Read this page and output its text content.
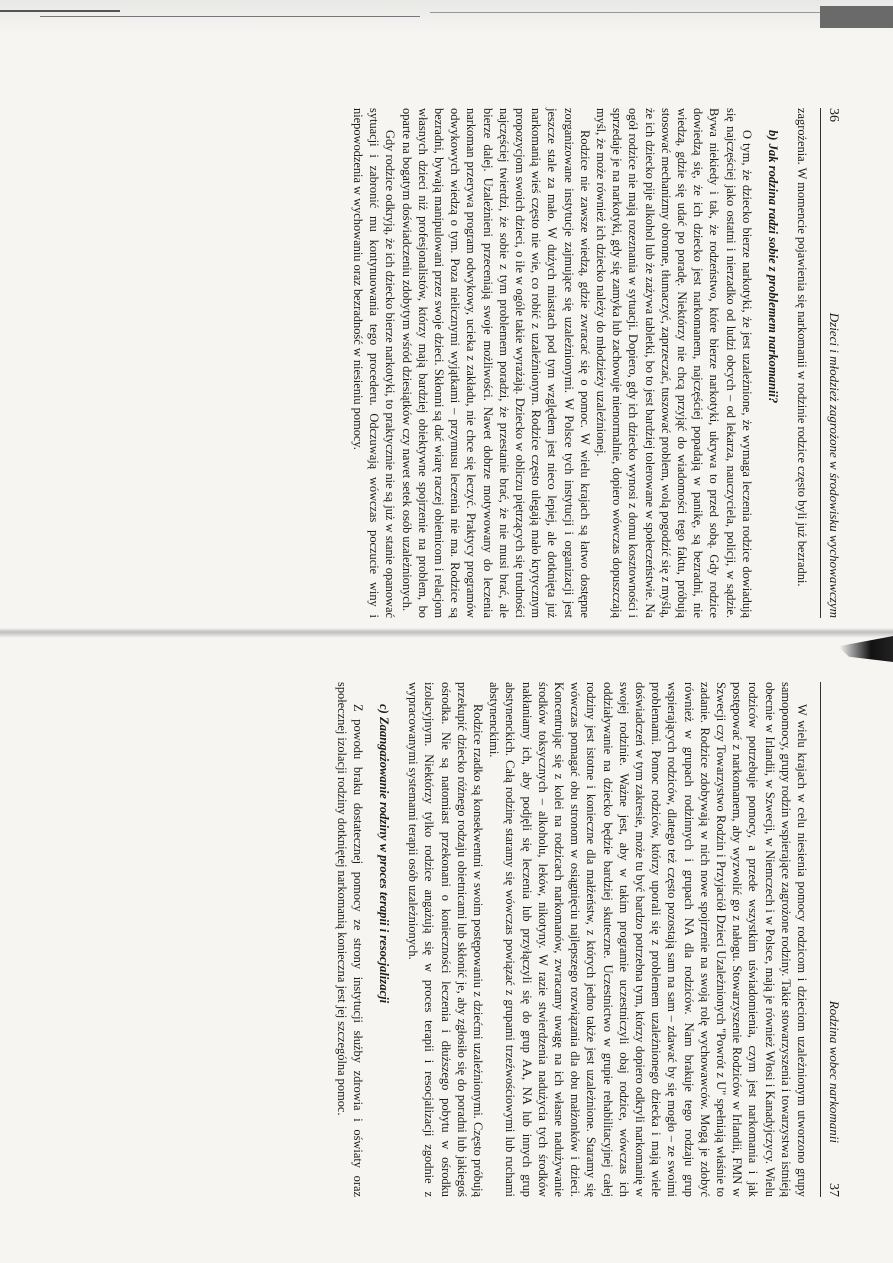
36
Dzieci i młodzież zagrożone w środowisku wychowawczym

zagrożenia. W momencie pojawienia się narkomanii w rodzinie rodzice często byli już bezradni.

b) Jak rodzina radzi sobie z problemem narkomanii?

O tym, że dziecko bierze narkotyki, że jest uzależnione, że wymaga leczenia rodzice dowiadują się najczęściej jako ostatni i nierzadko od ludzi obcych – od lekarza, nauczyciela, policji, w sądzie. Bywa niekiedy i tak, że rodzeństwo, które bierze narkotyki, ukrywa to przed sobą. Gdy rodzice dowiedzą się, że ich dziecko jest narkomanem, najczęściej popadają w panikę, są bezradni, nie wiedzą, gdzie się udać po poradę. Niektórzy nie chcą przyjąć do wiadomości tego faktu, próbują stosować mechanizmy obronne, tłumaczyć, zaprzeczać, tuszować problem, wolą pogodzić się z myślą, że ich dziecko pije alkohol lub że zażywa tabletki, bo to jest bardziej tolerowane w społeczeństwie. Na ogół rodzice nie mają rozeznania w sytuacji. Dopiero, gdy ich dziecko wynosi z domu kosztowności i sprzedaje je na narkotyki, gdy się zamyka lub zachowuje nienormalnie, dopiero wówczas dopuszczają myśl, że może również ich dziecko należy do młodzieży uzależnionej.

Rodzice nie zawsze wiedzą, gdzie zwracać się o pomoc. W wielu krajach są łatwo dostępne zorganizowane instytucje zajmujące się uzależnionymi. W Polsce tych instytucji i organizacji jest jeszcze stale za mało. W dużych miastach pod tym względem jest nieco lepiej, ale dotknięta już narkomanią wieś często nie wie, co robić z uzależnionym. Rodzice często ulegają mało krytycznym propozycjom swoich dzieci, o ile w ogóle takie wyrażają. Dziecko w obliczu piętrzących się trudności najczęściej twierdzi, że sobie z tym problemem poradzi, że przestanie brać, że nie musi brać, ale bierze dalej. Uzależnieni przeceniają swoje możliwości. Nawet dobrze motywowany do leczenia narkoman przerywa program odwykowy, ucieka z zakładu, nie chce się leczyć. Praktycy programów odwykowych wiedzą o tym. Poza nielicznymi wyjątkami – przymusu leczenia nie ma. Rodzice są bezradni, bywają manipulowani przez swoje dzieci. Skłonni są dać wiarę raczej obietnicom i relacjom własnych dzieci niż profesjonalistów, którzy mają bardziej obiektywne spojrzenie na problem, bo oparte na bogatym doświadczeniu zdobytym wśród dziesiątków czy nawet setek osób uzależnionych.

Gdy rodzice odkryją, że ich dziecko bierze narkotyki, to praktycznie nie są już w stanie opanować sytuacji i zabronić mu kontynuowania tego procederu. Odczuwają wówczas poczucie winy i niepowodzenia w wychowaniu oraz bezradność w niesieniu pomocy.

Rodzina wobec narkomanii
37

W wielu krajach w celu niesienia pomocy rodzicom i dzieciom uzależnionym utworzono grupy samopomocy, grupy rodzin wspierające zagrożone rodziny. Takie stowarzyszenia i towarzystwa istnieją obecnie w Irlandii, w Szwecji, w Niemczech i w Polsce, mają je również Włosi i Kanadyjczycy. Wielu rodziców potrzebuje pomocy, a przede wszystkim uświadomienia, czym jest narkomania i jak postępować z narkomanem, aby wyzwolić go z nałogu. Stowarzyszenie Rodziców w Irlandii, FMN w Szwecji czy Towarzystwo Rodzin i Przyjaciół Dzieci Uzależnionych "Powrót z U" spełniają właśnie to zadanie. Rodzice zdobywają w nich nowe spojrzenie na swoją rolę wychowawców. Mogą je zdobyć również w grupach rodzinnych i grupach NA dla rodziców. Nam brakuje tego rodzaju grup wspierających rodziców, dlatego też często pozostają sam na sam – zdawać by się mogło – ze swoimi problemami. Pomoc rodziców, którzy uporali się z problemem uzależnionego dziecka i mają wiele doświadczeń w tym zakresie, może tu być bardzo potrzebna tym, którzy dopiero odkryli narkomanię w swojej rodzinie. Ważne jest, aby w takim programie uczestniczyli obaj rodzice, wówczas ich oddziaływanie na dziecko będzie bardziej skuteczne. Uczestnictwo w grupie rehabilitacyjnej całej rodziny jest istotne i konieczne dla małżeństw, z których jedno także jest uzależnione. Staramy się wówczas pomagać obu stronom w osiągnięciu najlepszego rozwiązania dla obu małżonków i dzieci. Koncentrując się z kolei na rodzicach narkomanów, zwracamy uwagę na ich własne nadużywanie środków toksycznych – alkoholu, leków, nikotyny. W razie stwierdzenia nadużycia tych środków nakłaniamy ich, aby podjęli się leczenia lub przyłączyli się do grup AA, NA lub innych grup abstynenckich. Całą rodzinę staramy się wówczas powiązać z grupami trzeźwościowymi lub ruchami abstynenckimi.

Rodzice rzadko są konsekwentni w swoim postępowaniu z dziećmi uzależnionymi. Często próbują przekupić dziecko różnego rodzaju obietnicami lub skłonić je, aby zgłosiło się do poradni lub jakiegoś ośrodka. Nie są natomiast przekonani o konieczności leczenia i dłuższego pobytu w ośrodku izolacyjnym. Niektórzy tylko rodzice angażują się w proces terapii i resocjalizacji zgodnie z wypracowanymi systemami terapii osób uzależnionych.

c) Zaangażowanie rodziny w proces terapii i resocjalizacji

Z powodu braku dostatecznej pomocy ze strony instytucji służby zdrowia i oświaty oraz społecznej izolacji rodziny dotkniętej narkomanią konieczna jest jej szczególna pomoc.
